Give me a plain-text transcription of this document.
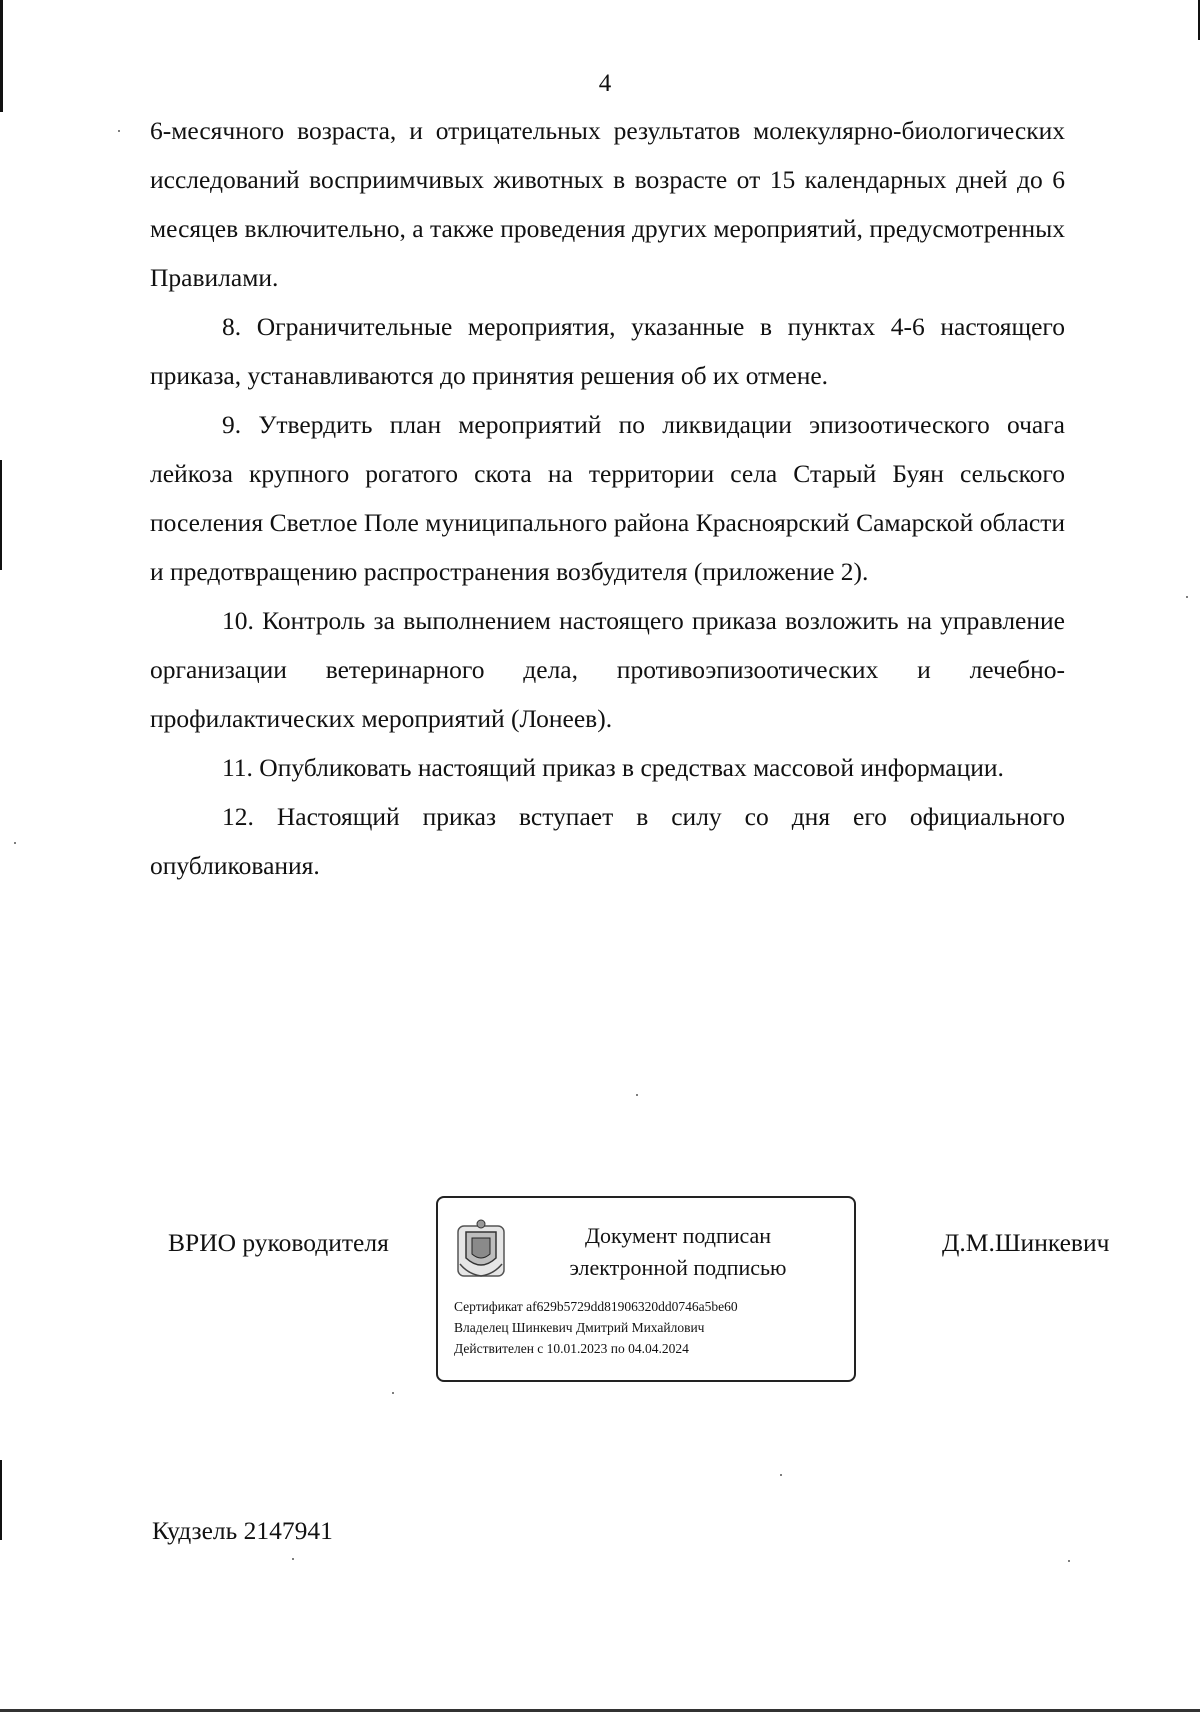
4

6-месячного возраста, и отрицательных результатов молекулярно-биологических исследований восприимчивых животных в возрасте от 15 календарных дней до 6 месяцев включительно, а также проведения других мероприятий, предусмотренных Правилами.

8. Ограничительные мероприятия, указанные в пунктах 4-6 настоящего приказа, устанавливаются до принятия решения об их отмене.

9. Утвердить план мероприятий по ликвидации эпизоотического очага лейкоза крупного рогатого скота на территории села Старый Буян сельского поселения Светлое Поле муниципального района Красноярский Самарской области и предотвращению распространения возбудителя (приложение 2).

10. Контроль за выполнением настоящего приказа возложить на управление организации ветеринарного дела, противоэпизоотических и лечебно-профилактических мероприятий (Лонеев).

11. Опубликовать настоящий приказ в средствах массовой информации.

12. Настоящий приказ вступает в силу со дня его официального опубликования.

ВРИО руководителя	Документ подписан
электронной подписью
Сертификат af629b5729dd81906320dd0746a5be60
Владелец Шинкевич Дмитрий Михайлович
Действителен с 10.01.2023 по 04.04.2024
Д.М.Шинкевич
Кудзель 2147941
